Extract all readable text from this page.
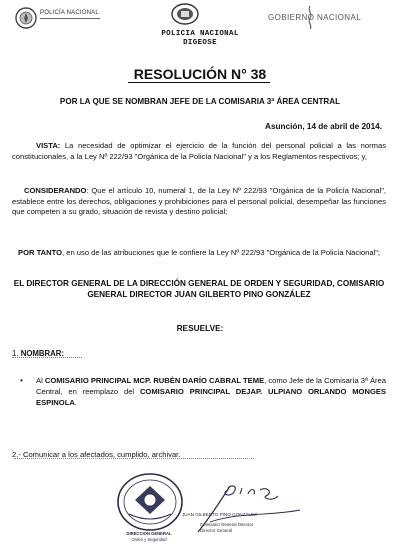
POLICÍA NACIONAL	GOBIERNO NACIONAL
POLICIA NACIONAL
DIGEOSE
RESOLUCIÓN N° 38
POR LA QUE SE NOMBRAN JEFE DE LA COMISARIA 3ª ÁREA CENTRAL
Asunción, 14 de abril de 2014.
VISTA: La necesidad de optimizar el ejercicio de la función del personal policial a las normas constitucionales, a la Ley Nº 222/93 "Orgánica de la Policía Nacional" y a los Reglamentos respectivos; y,
CONSIDERANDO: Que el artículo 10, numeral 1, de la Ley Nº 222/93 "Orgánica de la Policía Nacional", establece entre los derechos, obligaciones y prohibiciones para el personal policial, desempeñar las funciones que competen a su grado, situación de revista y destino policial;
POR TANTO, en uso de las atribuciones que le confiere la Ley Nº 222/93 "Orgánica de la Policía Nacional";
EL DIRECTOR GENERAL DE LA DIRECCIÓN GENERAL DE ORDEN Y SEGURIDAD, COMISARIO GENERAL DIRECTOR JUAN GILBERTO PINO GONZÁLEZ
RESUELVE:
1. NOMBRAR:
• Al COMISARIO PRINCIPAL MCP. RUBÉN DARÍO CABRAL TEME, como Jefe de la Comisaría 3ª Área Central, en reemplazo del COMISARIO PRINCIPAL DEJAP. ULPIANO ORLANDO MONGES ESPINOLA.
2.- Comunicar a los afectados, cumplido, archivar.
DIRECCION GENERAL
Orden y Seguridad
JUAN GILBERTO PINO GONZÁLEZ
Comisario General Director
Director General
